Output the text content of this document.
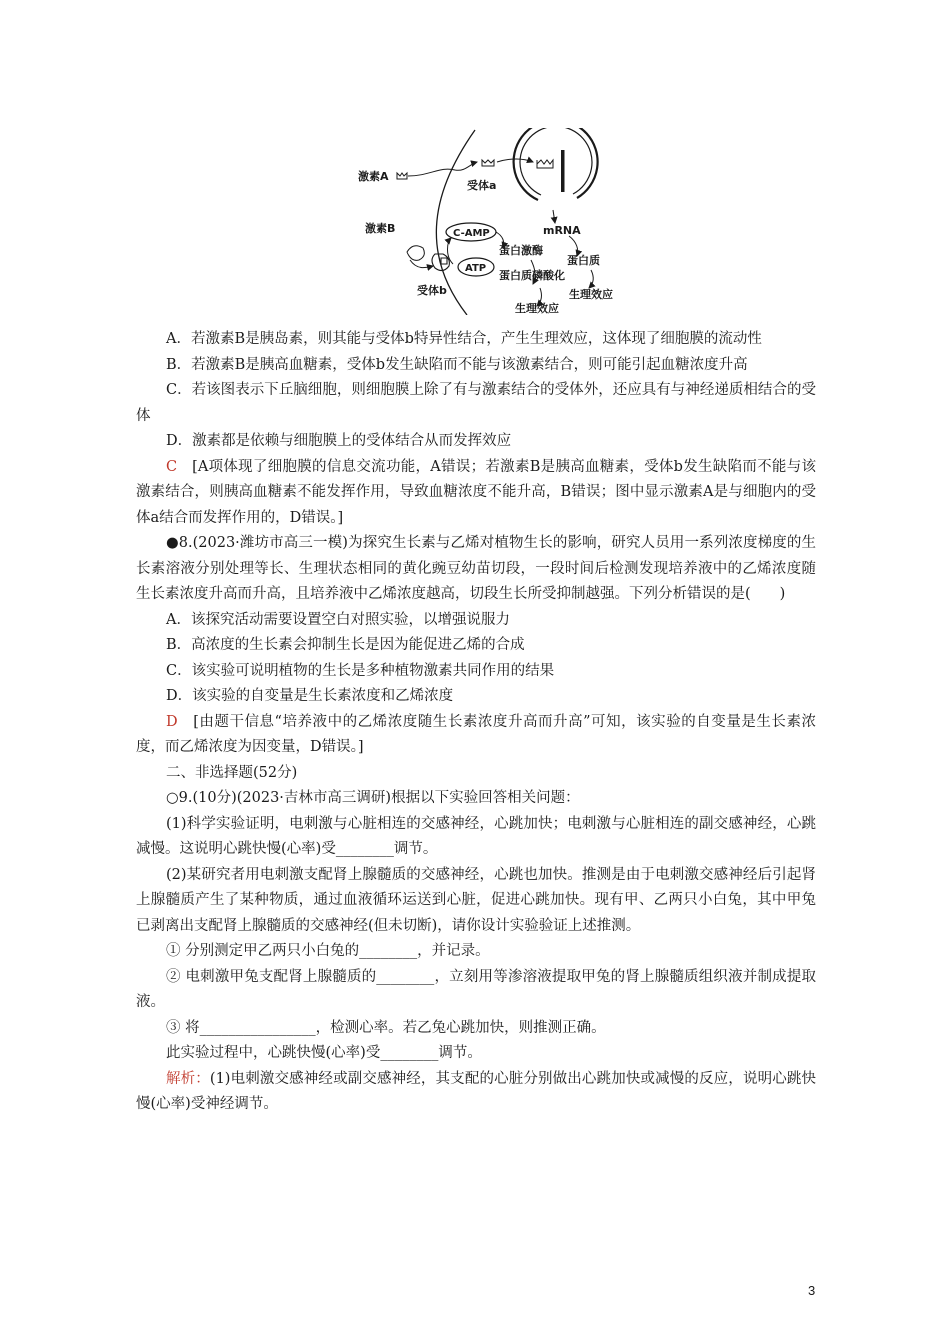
激素A
受体a
激素B	C-AMP	mRNA
蛋白激酶
蛋白质
ATP
蛋白质磷酸化
生理效应
受体b
生理效应

A．若激素B是胰岛素，则其能与受体b特异性结合，产生生理效应，这体现了细胞膜的流动性

B．若激素B是胰高血糖素，受体b发生缺陷而不能与该激素结合，则可能引起血糖浓度升高

C．若该图表示下丘脑细胞，则细胞膜上除了有与激素结合的受体外，还应具有与神经递质相结合的受体

D．激素都是依赖与细胞膜上的受体结合从而发挥效应

C　 [A项体现了细胞膜的信息交流功能，A错误；若激素B是胰高血糖素，受体b发生缺陷而不能与该激素结合，则胰高血糖素不能发挥作用，导致血糖浓度不能升高，B错误；图中显示激素A是与细胞内的受体a结合而发挥作用的，D错误。]

●8.(2023·潍坊市高三一模)为探究生长素与乙烯对植物生长的影响，研究人员用一系列浓度梯度的生长素溶液分别处理等长、生理状态相同的黄化豌豆幼苗切段，一段时间后检测发现培养液中的乙烯浓度随生长素浓度升高而升高，且培养液中乙烯浓度越高，切段生长所受抑制越强。下列分析错误的是(　　)

A．该探究活动需要设置空白对照实验，以增强说服力

B．高浓度的生长素会抑制生长是因为能促进乙烯的合成

C．该实验可说明植物的生长是多种植物激素共同作用的结果

D．该实验的自变量是生长素浓度和乙烯浓度

D　 [由题干信息“培养液中的乙烯浓度随生长素浓度升高而升高”可知，该实验的自变量是生长素浓度，而乙烯浓度为因变量，D错误。]

二、非选择题(52分)

○9.(10分)(2023·吉林市高三调研)根据以下实验回答相关问题：

(1)科学实验证明，电刺激与心脏相连的交感神经，心跳加快；电刺激与心脏相连的副交感神经，心跳减慢。这说明心跳快慢(心率)受________调节。

(2)某研究者用电刺激支配肾上腺髓质的交感神经，心跳也加快。推测是由于电刺激交感神经后引起肾上腺髓质产生了某种物质，通过血液循环运送到心脏，促进心跳加快。现有甲、乙两只小白兔，其中甲兔已剥离出支配肾上腺髓质的交感神经(但未切断)，请你设计实验验证上述推测。

① 分别测定甲乙两只小白兔的________，并记录。

② 电刺激甲兔支配肾上腺髓质的________，立刻用等渗溶液提取甲兔的肾上腺髓质组织液并制成提取液。

③ 将________________，检测心率。若乙兔心跳加快，则推测正确。

此实验过程中，心跳快慢(心率)受________调节。

解析：(1)电刺激交感神经或副交感神经，其支配的心脏分别做出心跳加快或减慢的反应，说明心跳快慢(心率)受神经调节。

3
